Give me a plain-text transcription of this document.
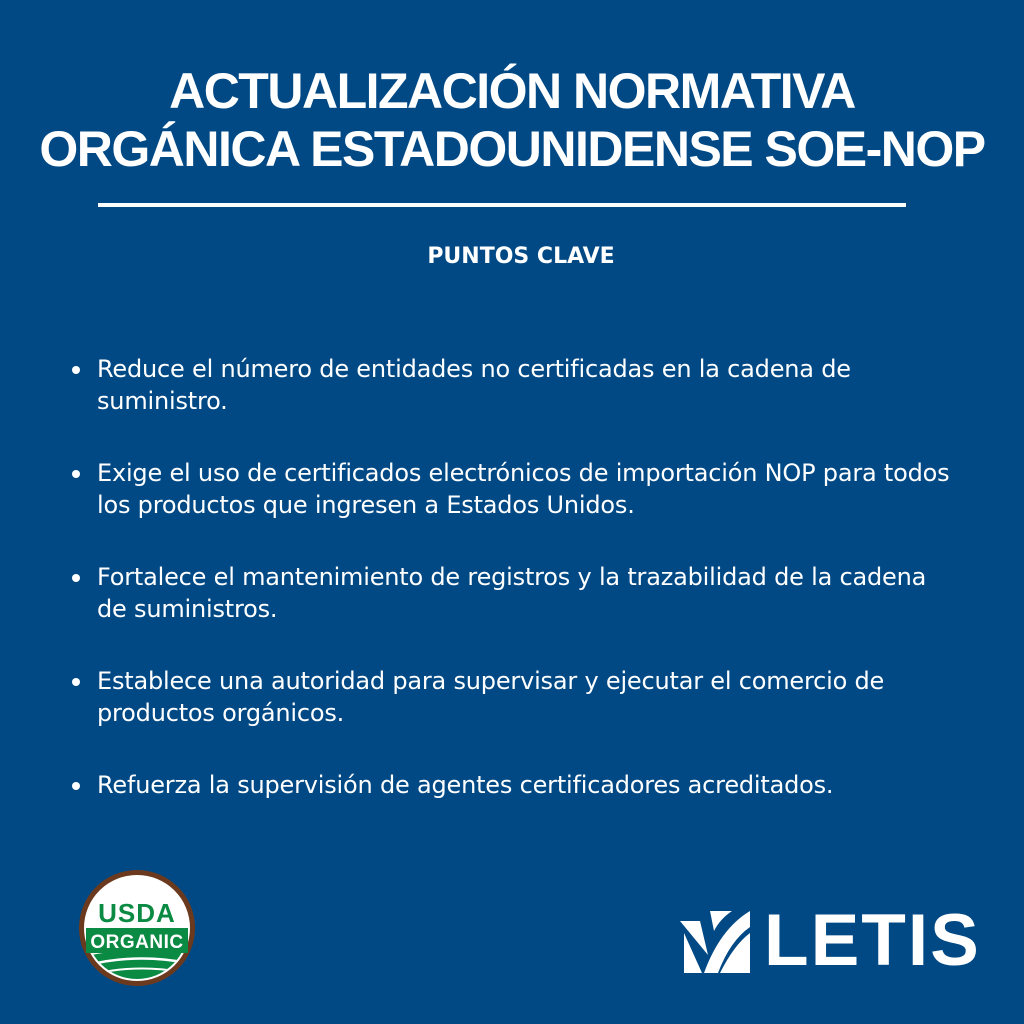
ACTUALIZACIÓN NORMATIVA
ORGÁNICA ESTADOUNIDENSE SOE-NOP
PUNTOS CLAVE
Reduce el número de entidades no certificadas en la cadena de suministro.
Exige el uso de certificados electrónicos de importación NOP para todos los productos que ingresen a Estados Unidos.
Fortalece el mantenimiento de registros y la trazabilidad de la cadena de suministros.
Establece una autoridad para supervisar y ejecutar el comercio de productos orgánicos.
Refuerza la supervisión de agentes certificadores acreditados.
USDA
ORGANIC	LETIS
